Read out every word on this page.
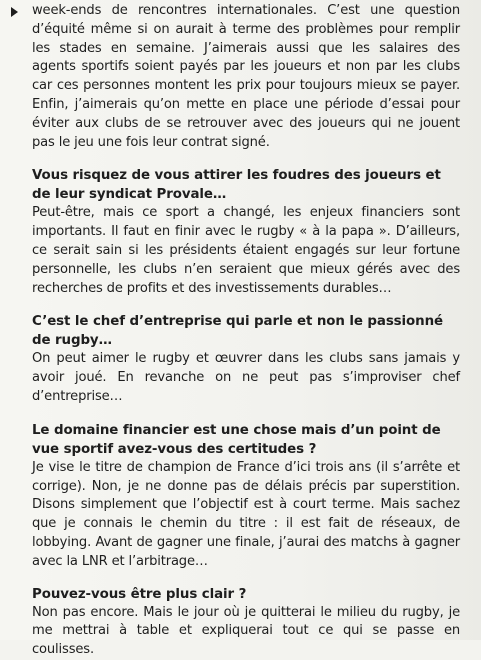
week-ends de rencontres internationales. C’est une question d’équité même si on aurait à terme des problèmes pour remplir les stades en semaine. J’aimerais aussi que les salaires des agents sportifs soient payés par les joueurs et non par les clubs car ces personnes montent les prix pour toujours mieux se payer. Enfin, j’aimerais qu’on mette en place une période d’essai pour éviter aux clubs de se retrouver avec des joueurs qui ne jouent pas le jeu une fois leur contrat signé.

Vous risquez de vous attirer les foudres des joueurs et de leur syndicat Provale…

Peut-être, mais ce sport a changé, les enjeux financiers sont importants. Il faut en finir avec le rugby « à la papa ». D’ailleurs, ce serait sain si les présidents étaient engagés sur leur fortune personnelle, les clubs n’en seraient que mieux gérés avec des recherches de profits et des investissements durables…

C’est le chef d’entreprise qui parle et non le passionné de rugby…

On peut aimer le rugby et œuvrer dans les clubs sans jamais y avoir joué. En revanche on ne peut pas s’improviser chef d’entreprise…

Le domaine financier est une chose mais d’un point de vue sportif avez-vous des certitudes ?

Je vise le titre de champion de France d’ici trois ans (il s’arrête et corrige). Non, je ne donne pas de délais précis par superstition. Disons simplement que l’objectif est à court terme. Mais sachez que je connais le chemin du titre : il est fait de réseaux, de lobbying. Avant de gagner une finale, j’aurai des matchs à gagner avec la LNR et l’arbitrage…

Pouvez-vous être plus clair ?

Non pas encore. Mais le jour où je quitterai le milieu du rugby, je me mettrai à table et expliquerai tout ce qui se passe en coulisses.
